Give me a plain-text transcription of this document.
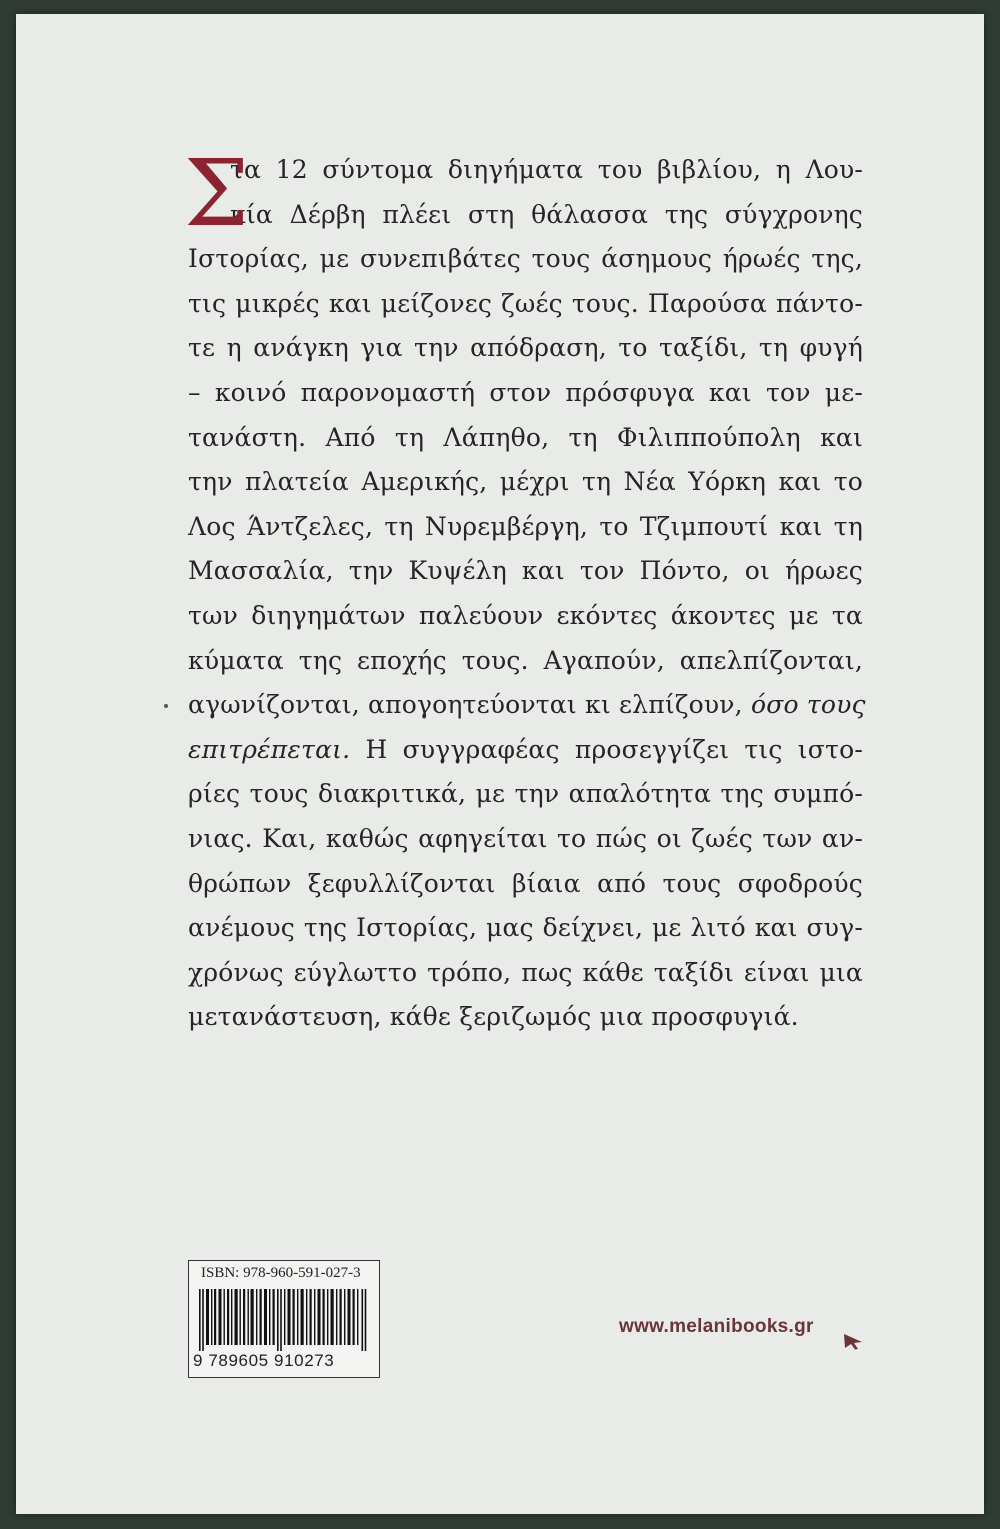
Σ
τα 12 σύντομα διηγήματα του βιβλίου, η Λου-
κία Δέρβη πλέει στη θάλασσα της σύγχρονης
Ιστορίας, με συνεπιβάτες τους άσημους ήρωές της,
τις μικρές και μείζονες ζωές τους. Παρούσα πάντο-
τε η ανάγκη για την απόδραση, το ταξίδι, τη φυγή
– κοινό παρονομαστή στον πρόσφυγα και τον με-
τανάστη. Από τη Λάπηθο, τη Φιλιππούπολη και
την πλατεία Αμερικής, μέχρι τη Νέα Υόρκη και το
Λος Άντζελες, τη Νυρεμβέργη, το Τζιμπουτί και τη
Μασσαλία, την Κυψέλη και τον Πόντο, οι ήρωες
των διηγημάτων παλεύουν εκόντες άκοντες με τα
κύματα της εποχής τους. Αγαπούν, απελπίζονται,
αγωνίζονται, απογοητεύονται κι ελπίζουν, όσο τους
επιτρέπεται. Η συγγραφέας προσεγγίζει τις ιστο-
ρίες τους διακριτικά, με την απαλότητα της συμπό-
νιας. Και, καθώς αφηγείται το πώς οι ζωές των αν-
θρώπων ξεφυλλίζονται βίαια από τους σφοδρούς
ανέμους της Ιστορίας, μας δείχνει, με λιτό και συγ-
χρόνως εύγλωττο τρόπο, πως κάθε ταξίδι είναι μια
μετανάστευση, κάθε ξεριζωμός μια προσφυγιά.
ISBN: 978-960-591-027-3
9 789605 910273
www.melanibooks.gr
